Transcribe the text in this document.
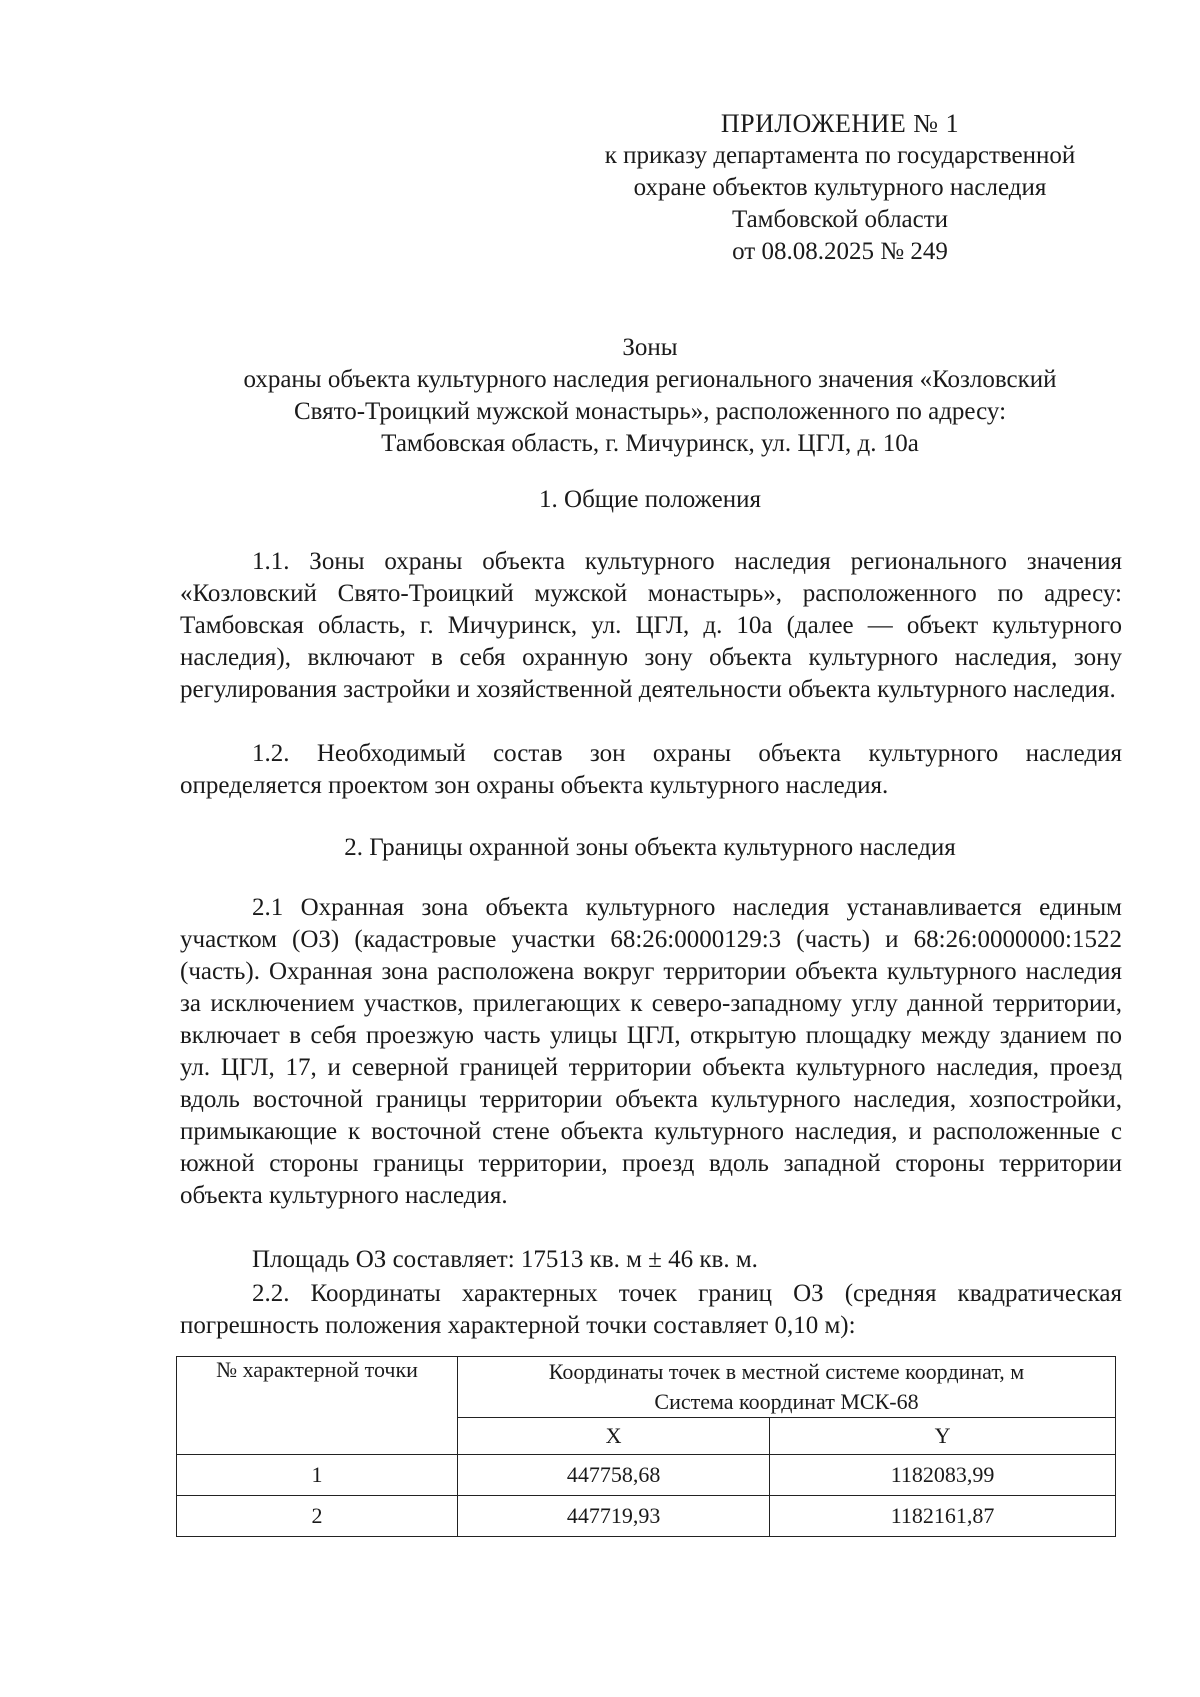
ПРИЛОЖЕНИЕ № 1
к приказу департамента по государственной
охране объектов культурного наследия
Тамбовской области
от 08.08.2025 № 249
Зоны
охраны объекта культурного наследия регионального значения «Козловский
Свято-Троицкий мужской монастырь», расположенного по адресу:
Тамбовская область, г. Мичуринск, ул. ЦГЛ, д. 10а
1. Общие положения
1.1. Зоны охраны объекта культурного наследия регионального значения «Козловский Свято-Троицкий мужской монастырь», расположенного по адресу: Тамбовская область, г. Мичуринск, ул. ЦГЛ, д. 10а (далее — объект культурного наследия), включают в себя охранную зону объекта культурного наследия, зону регулирования застройки и хозяйственной деятельности объекта культурного наследия.
1.2. Необходимый состав зон охраны объекта культурного наследия определяется проектом зон охраны объекта культурного наследия.
2. Границы охранной зоны объекта культурного наследия
2.1 Охранная зона объекта культурного наследия устанавливается единым участком (ОЗ) (кадастровые участки 68:26:0000129:3 (часть) и 68:26:0000000:1522 (часть). Охранная зона расположена вокруг территории объекта культурного наследия за исключением участков, прилегающих к северо-западному углу данной территории, включает в себя проезжую часть улицы ЦГЛ, открытую площадку между зданием по ул. ЦГЛ, 17, и северной границей территории объекта культурного наследия, проезд вдоль восточной границы территории объекта культурного наследия, хозпостройки, примыкающие к восточной стене объекта культурного наследия, и расположенные с южной стороны границы территории, проезд вдоль западной стороны территории объекта культурного наследия.
Площадь ОЗ составляет: 17513 кв. м ± 46 кв. м.
2.2. Координаты характерных точек границ ОЗ (средняя квадратическая погрешность положения характерной точки составляет 0,10 м):
№ характерной точки	Координаты точек в местной системе координат, м
Система координат МСК-68	

	X	Y
1	447758,68	1182083,99
2	447719,93	1182161,87
